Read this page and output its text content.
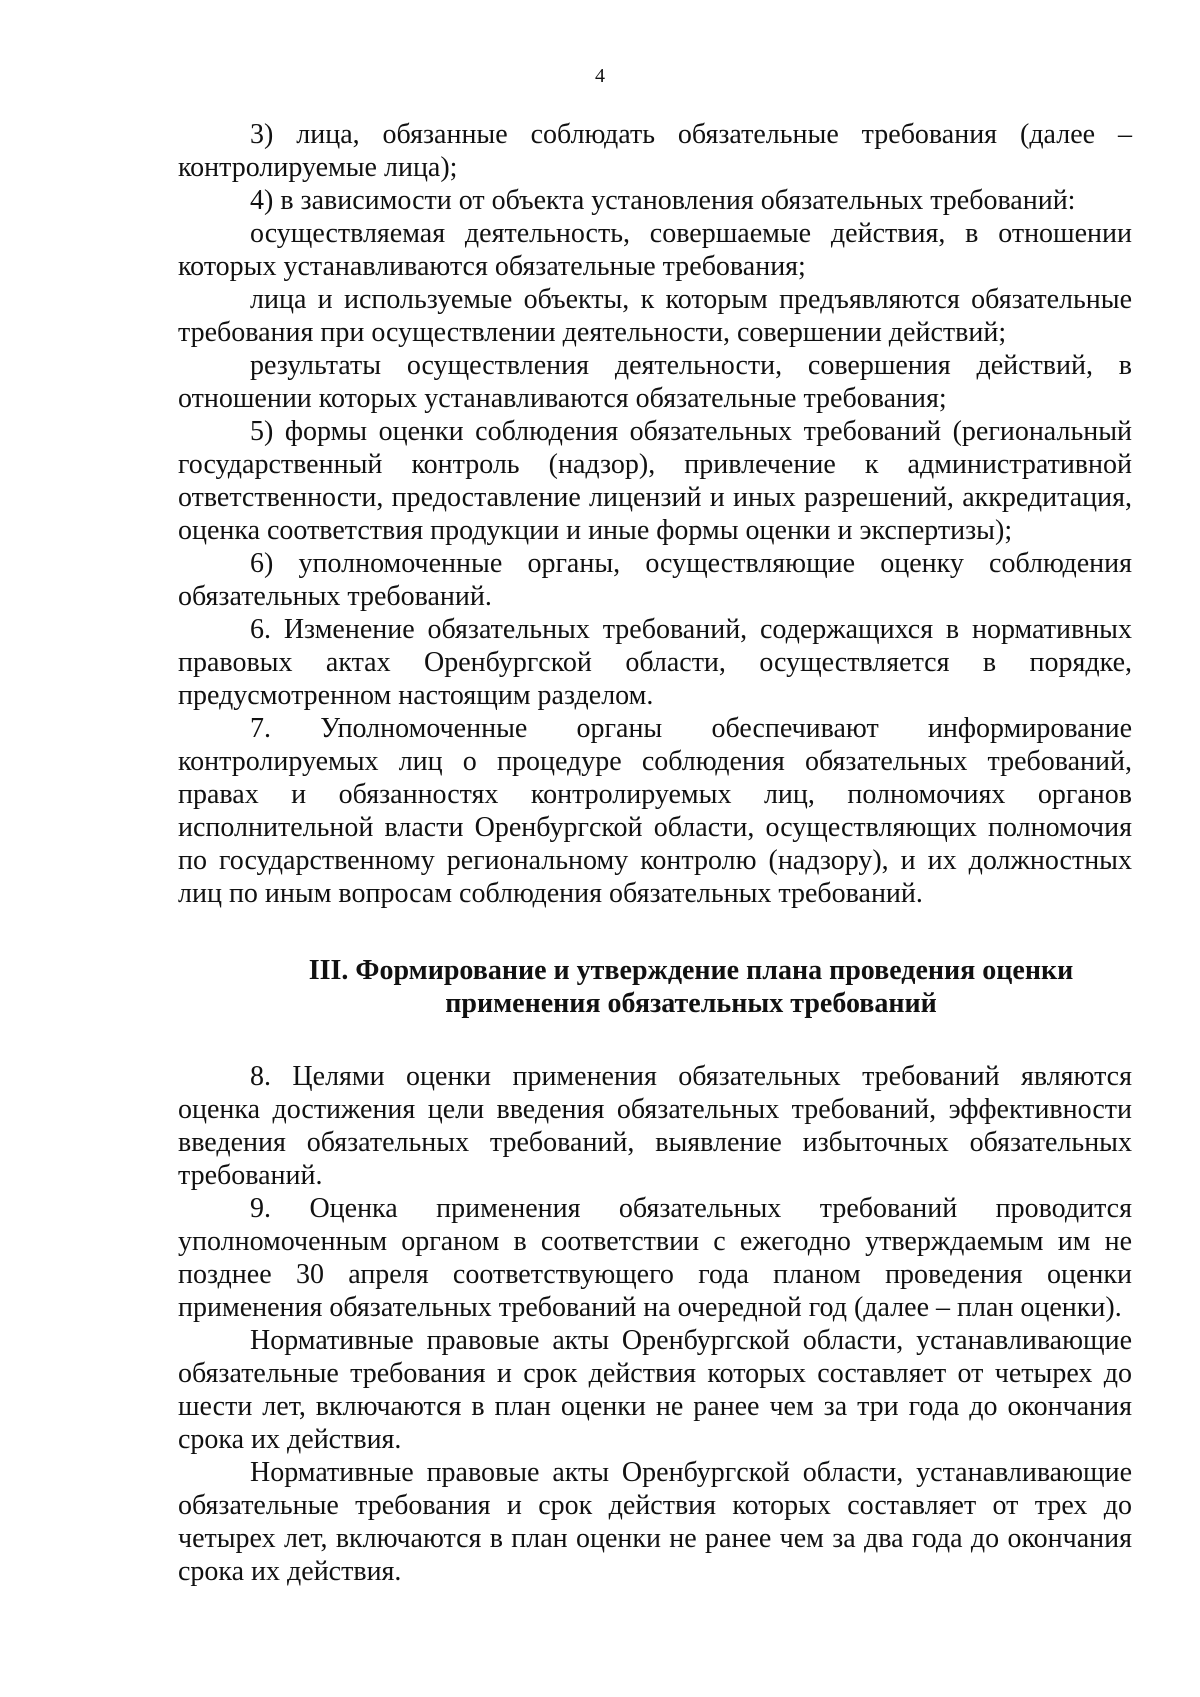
4

3) лица, обязанные соблюдать обязательные требования (далее – контролируемые лица);

4) в зависимости от объекта установления обязательных требований:

осуществляемая деятельность, совершаемые действия, в отношении которых устанавливаются обязательные требования;

лица и используемые объекты, к которым предъявляются обязательные требования при осуществлении деятельности, совершении действий;

результаты осуществления деятельности, совершения действий, в отношении которых устанавливаются обязательные требования;

5) формы оценки соблюдения обязательных требований (региональный государственный контроль (надзор), привлечение к административной ответственности, предоставление лицензий и иных разрешений, аккредитация, оценка соответствия продукции и иные формы оценки и экспертизы);

6) уполномоченные органы, осуществляющие оценку соблюдения обязательных требований.

6. Изменение обязательных требований, содержащихся в нормативных правовых актах Оренбургской области, осуществляется в порядке, предусмотренном настоящим разделом.

7. Уполномоченные органы обеспечивают информирование контролируемых лиц о процедуре соблюдения обязательных требований, правах и обязанностях контролируемых лиц, полномочиях органов исполнительной власти Оренбургской области, осуществляющих полномочия по государственному региональному контролю (надзору), и их должностных лиц по иным вопросам соблюдения обязательных требований.

III. Формирование и утверждение плана проведения оценки
применения обязательных требований

8. Целями оценки применения обязательных требований являются оценка достижения цели введения обязательных требований, эффективности введения обязательных требований, выявление избыточных обязательных требований.

9. Оценка применения обязательных требований проводится уполномоченным органом в соответствии с ежегодно утверждаемым им не позднее 30 апреля соответствующего года планом проведения оценки применения обязательных требований на очередной год (далее – план оценки).

Нормативные правовые акты Оренбургской области, устанавливающие обязательные требования и срок действия которых составляет от четырех до шести лет, включаются в план оценки не ранее чем за три года до окончания срока их действия.

Нормативные правовые акты Оренбургской области, устанавливающие обязательные требования и срок действия которых составляет от трех до четырех лет, включаются в план оценки не ранее чем за два года до окончания срока их действия.
